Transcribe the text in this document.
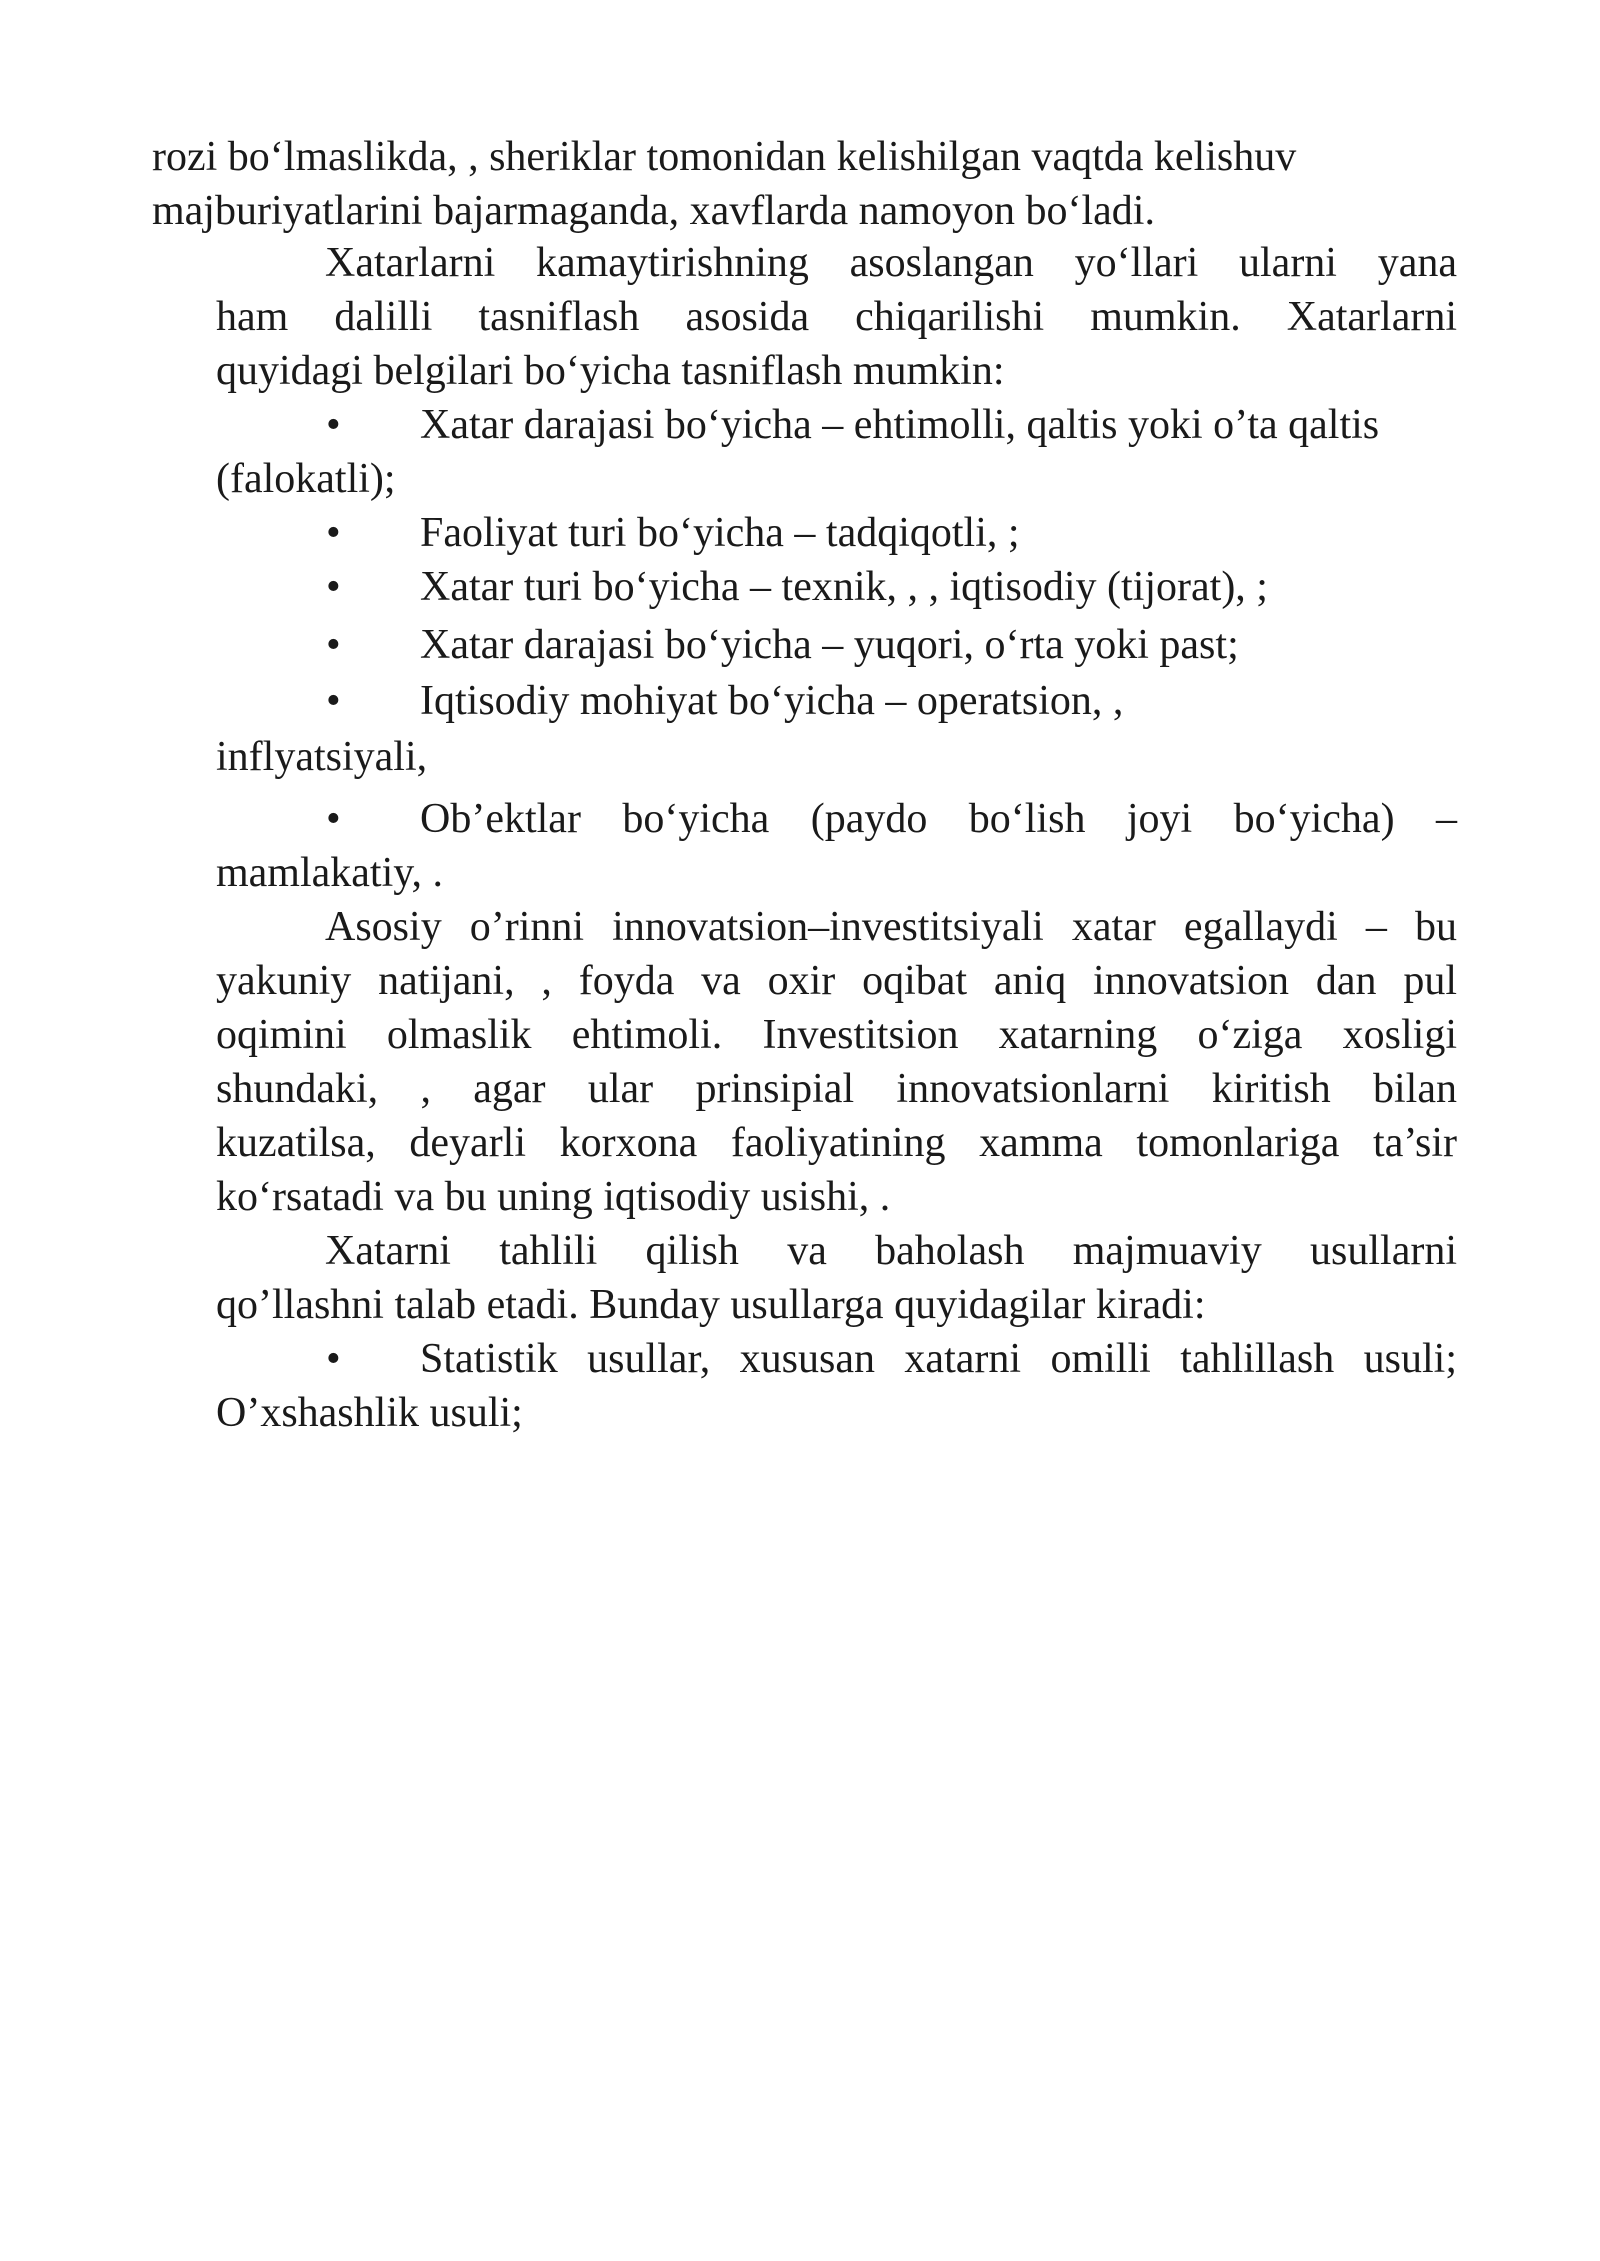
rozi bo‘lmaslikda, , sheriklar tomonidan kelishilgan vaqtda kelishuv
majburiyatlarini bajarmaganda, xavflarda namoyon bo‘ladi.
Xatarlarni kamaytirishning asoslangan yo‘llari ularni yana
ham dalilli tasniflash asosida chiqarilishi mumkin. Xatarlarni
quyidagi belgilari bo‘yicha tasniflash mumkin:
• Xatar darajasi bo‘yicha – ehtimolli, qaltis yoki o’ta qaltis
(falokatli);
• Faoliyat turi bo‘yicha – tadqiqotli, ;
• Xatar turi bo‘yicha – texnik, , , iqtisodiy (tijorat), ;
• Xatar darajasi bo‘yicha – yuqori, o‘rta yoki past;
• Iqtisodiy mohiyat bo‘yicha – operatsion, ,
inflyatsiyali,
• Ob’ektlar bo‘yicha (paydo bo‘lish joyi bo‘yicha) –
mamlakatiy, .
Asosiy o’rinni innovatsion–investitsiyali xatar egallaydi – bu
yakuniy natijani, , foyda va oxir oqibat aniq innovatsion dan pul
oqimini olmaslik ehtimoli. Investitsion xatarning o‘ziga xosligi
shundaki, , agar ular prinsipial innovatsionlarni kiritish bilan
kuzatilsa, deyarli korxona faoliyatining xamma tomonlariga ta’sir
ko‘rsatadi va bu uning iqtisodiy usishi, .
Xatarni tahlili qilish va baholash majmuaviy usullarni
qo’llashni talab etadi. Bunday usullarga quyidagilar kiradi:
• Statistik usullar, xususan xatarni omilli tahlillash usuli;
O’xshashlik usuli;
